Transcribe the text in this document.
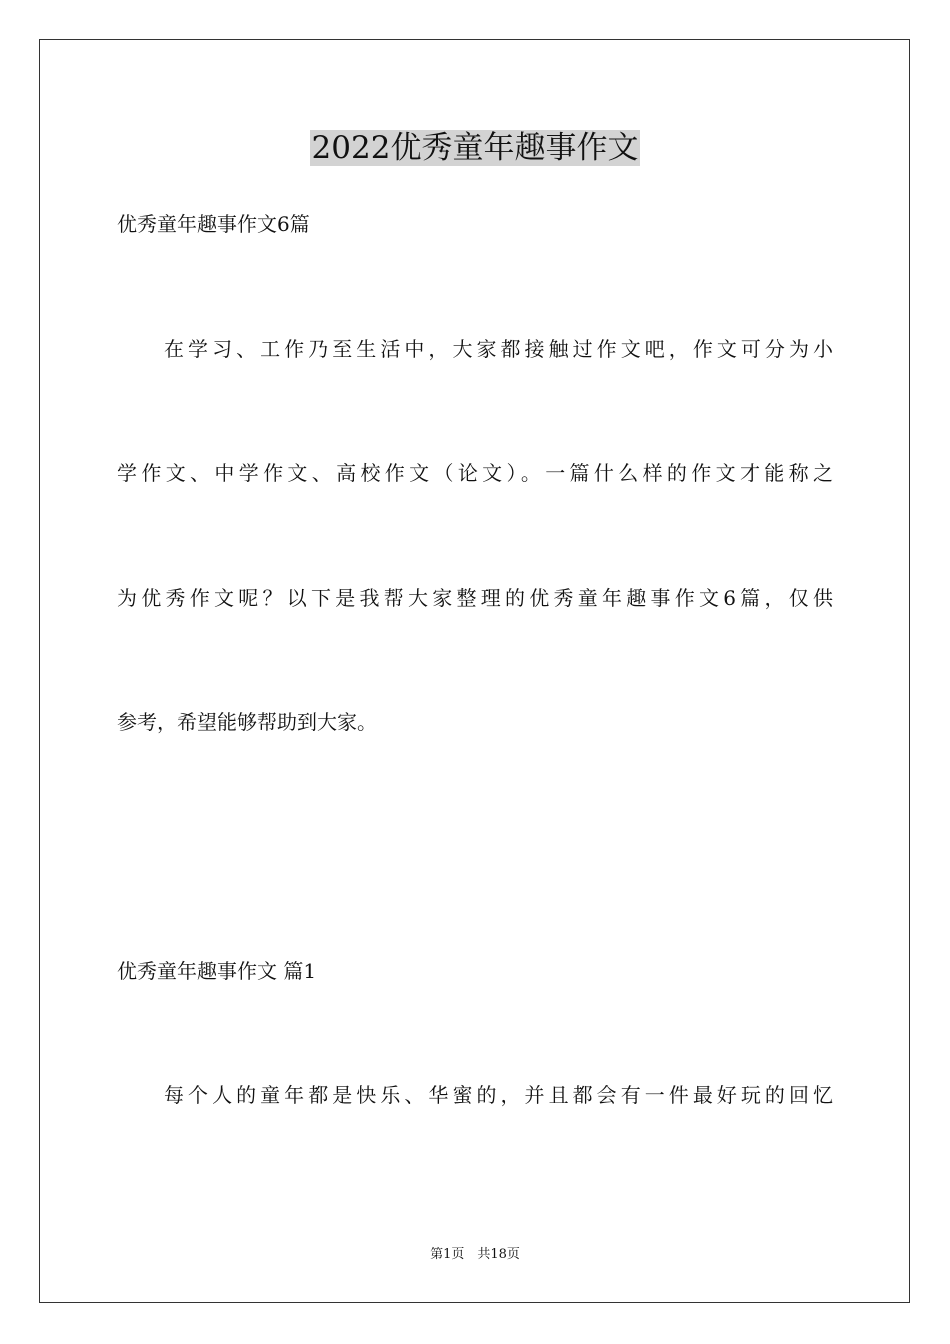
2022优秀童年趣事作文

优秀童年趣事作文6篇

在学习、工作乃至生活中，大家都接触过作文吧，作文可分为小

学作文、中学作文、高校作文（论文）。一篇什么样的作文才能称之

为优秀作文呢？以下是我帮大家整理的优秀童年趣事作文6篇，仅供

参考，希望能够帮助到大家。

优秀童年趣事作文 篇1

每个人的童年都是快乐、华蜜的，并且都会有一件最好玩的回忆

第1页　共18页
